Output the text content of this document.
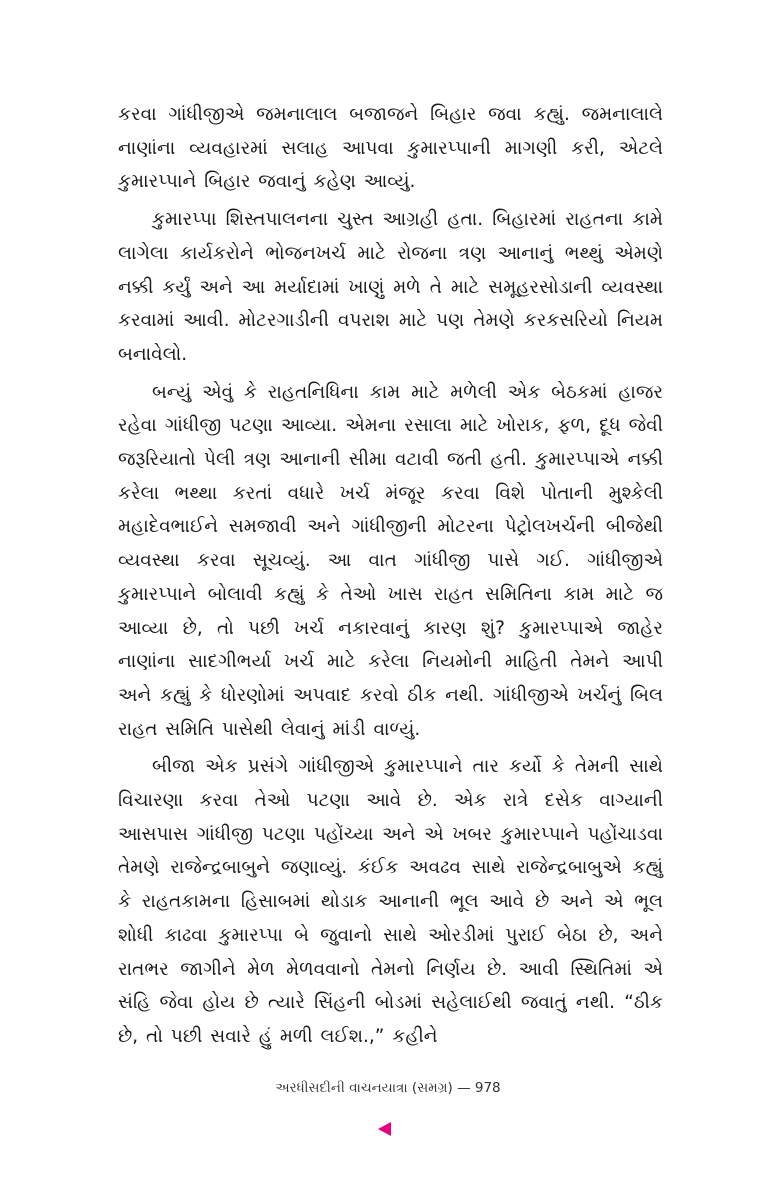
કરવા ગાંધીજીએ જમનાલાલ બજાજને બિહાર જવા કહ્યું. જમનાલાલે નાણાંના વ્યવહારમાં સલાહ આપવા કુમારપ્પાની માગણી કરી, એટલે કુમારપ્પાને બિહાર જવાનું કહેણ આવ્યું.

કુમારપ્પા શિસ્તપાલનના ચુસ્ત આગ્રહી હતા. બિહારમાં રાહતના કામે લાગેલા કાર્યકરોને ભોજનખર્ચ માટે રોજના ત્રણ આનાનું ભથ્થું એમણે નક્કી કર્યું અને આ મર્યાદામાં ખાણું મળે તે માટે સમૂહરસોડાની વ્યવસ્થા કરવામાં આવી. મોટરગાડીની વપરાશ માટે પણ તેમણે કરકસરિયો નિયમ બનાવેલો.

બન્યું એવું કે રાહતનિધિના કામ માટે મળેલી એક બેઠકમાં હાજર રહેવા ગાંધીજી પટણા આવ્યા. એમના રસાલા માટે ખોરાક, ફળ, દૂધ જેવી જરૂરિયાતો પેલી ત્રણ આનાની સીમા વટાવી જતી હતી. કુમારપ્પાએ નક્કી કરેલા ભથ્થા કરતાં વધારે ખર્ચ મંજૂર કરવા વિશે પોતાની મુશ્કેલી મહાદેવભાઈને સમજાવી અને ગાંધીજીની મોટરના પેટ્રોલખર્ચની બીજેથી વ્યવસ્થા કરવા સૂચવ્યું. આ વાત ગાંધીજી પાસે ગઈ. ગાંધીજીએ કુમારપ્પાને બોલાવી કહ્યું કે તેઓ ખાસ રાહત સમિતિના કામ માટે જ આવ્યા છે, તો પછી ખર્ચ નકારવાનું કારણ શું? કુમારપ્પાએ જાહેર નાણાંના સાદગીભર્યા ખર્ચ માટે કરેલા નિયમોની માહિતી તેમને આપી અને કહ્યું કે ધોરણોમાં અપવાદ કરવો ઠીક નથી. ગાંધીજીએ ખર્ચનું બિલ રાહત સમિતિ પાસેથી લેવાનું માંડી વાળ્યું.

બીજા એક પ્રસંગે ગાંધીજીએ કુમારપ્પાને તાર કર્યો કે તેમની સાથે વિચારણા કરવા તેઓ પટણા આવે છે. એક રાત્રે દસેક વાગ્યાની આસપાસ ગાંધીજી પટણા પહોંચ્યા અને એ ખબર કુમારપ્પાને પહોંચાડવા તેમણે રાજેન્દ્રબાબુને જણાવ્યું. કંઈક અવઢવ સાથે રાજેન્દ્રબાબુએ કહ્યું કે રાહતકામના હિસાબમાં થોડાક આનાની ભૂલ આવે છે અને એ ભૂલ શોધી કાઢવા કુમારપ્પા બે જુવાનો સાથે ઓરડીમાં પુરાઈ બેઠા છે, અને રાતભર જાગીને મેળ મેળવવાનો તેમનો નિર્ણય છે. આવી સ્થિતિમાં એ સંહિ જેવા હોય છે ત્યારે સિંહની બોડમાં સહેલાઈથી જવાતું નથી. “ઠીક છે, તો પછી સવારે હું મળી લઈશ.,” કહીને

અરધીસદીની વાચનયાત્રા (સમગ્ર) — 978
